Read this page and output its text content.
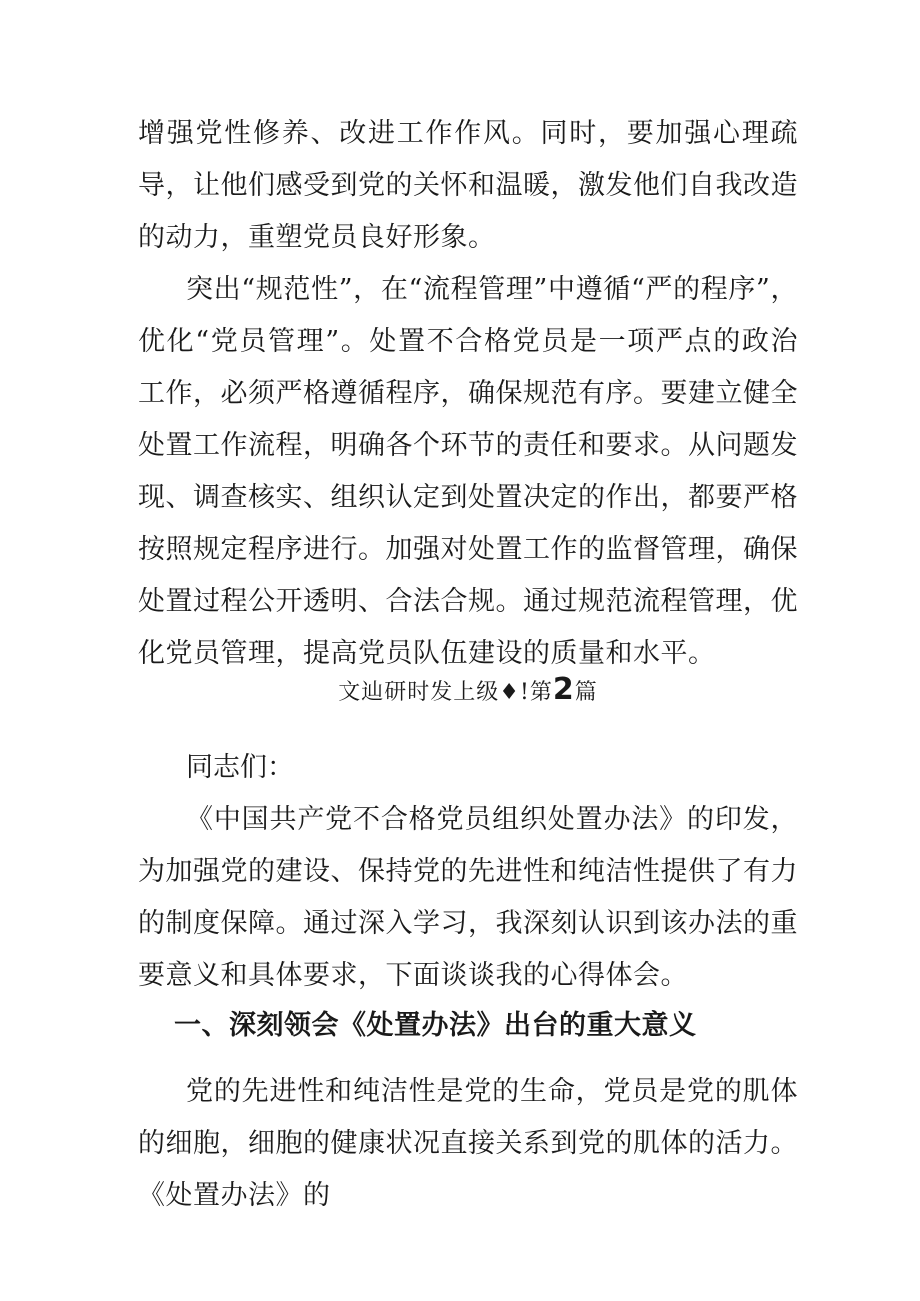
增强党性修养、改进工作作风。同时，要加强心理疏导，让他们感受到党的关怀和温暖，激发他们自我改造的动力，重塑党员良好形象。

突出“规范性”，在“流程管理”中遵循“严的程序”，优化“党员管理”。处置不合格党员是一项严点的政治工作，必须严格遵循程序，确保规范有序。要建立健全处置工作流程，明确各个环节的责任和要求。从问题发现、调查核实、组织认定到处置决定的作出，都要严格按照规定程序进行。加强对处置工作的监督管理，确保处置过程公开透明、合法合规。通过规范流程管理，优化党员管理，提高党员队伍建设的质量和水平。

文辿研时发上级♦!第2篇

同志们：

《中国共产党不合格党员组织处置办法》的印发，为加强党的建设、保持党的先进性和纯洁性提供了有力的制度保障。通过深入学习，我深刻认识到该办法的重要意义和具体要求，下面谈谈我的心得体会。

一、深刻领会《处置办法》出台的重大意义

党的先进性和纯洁性是党的生命，党员是党的肌体的细胞，细胞的健康状况直接关系到党的肌体的活力。《处置办法》的
